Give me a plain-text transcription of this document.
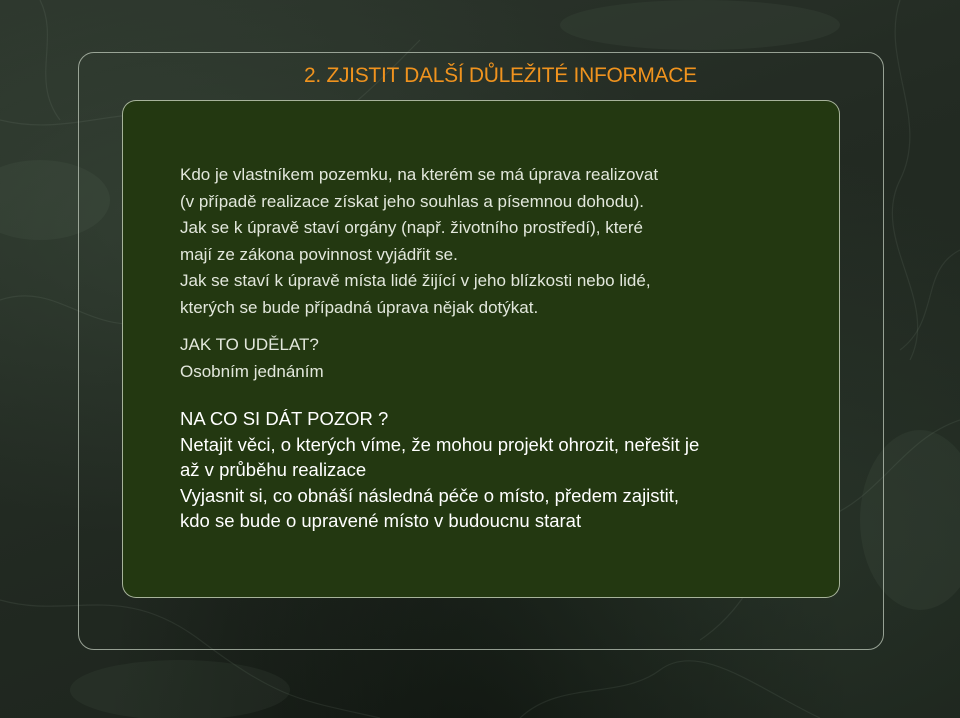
2. ZJISTIT DALŠÍ DŮLEŽITÉ INFORMACE
Kdo je vlastníkem pozemku, na kterém se má úprava realizovat
(v případě realizace získat jeho souhlas a písemnou dohodu).
Jak se k úpravě staví orgány (např. životního prostředí), které
mají ze zákona povinnost vyjádřit se.
Jak se staví k úpravě místa lidé žijící v jeho blízkosti nebo lidé,
kterých se bude případná úprava nějak dotýkat.
JAK TO UDĚLAT?
Osobním jednáním
NA CO SI DÁT POZOR ?
Netajit věci, o kterých víme, že mohou projekt ohrozit, neřešit je
až v průběhu realizace
Vyjasnit si, co obnáší následná péče o místo, předem zajistit,
kdo se bude o upravené místo v budoucnu starat
